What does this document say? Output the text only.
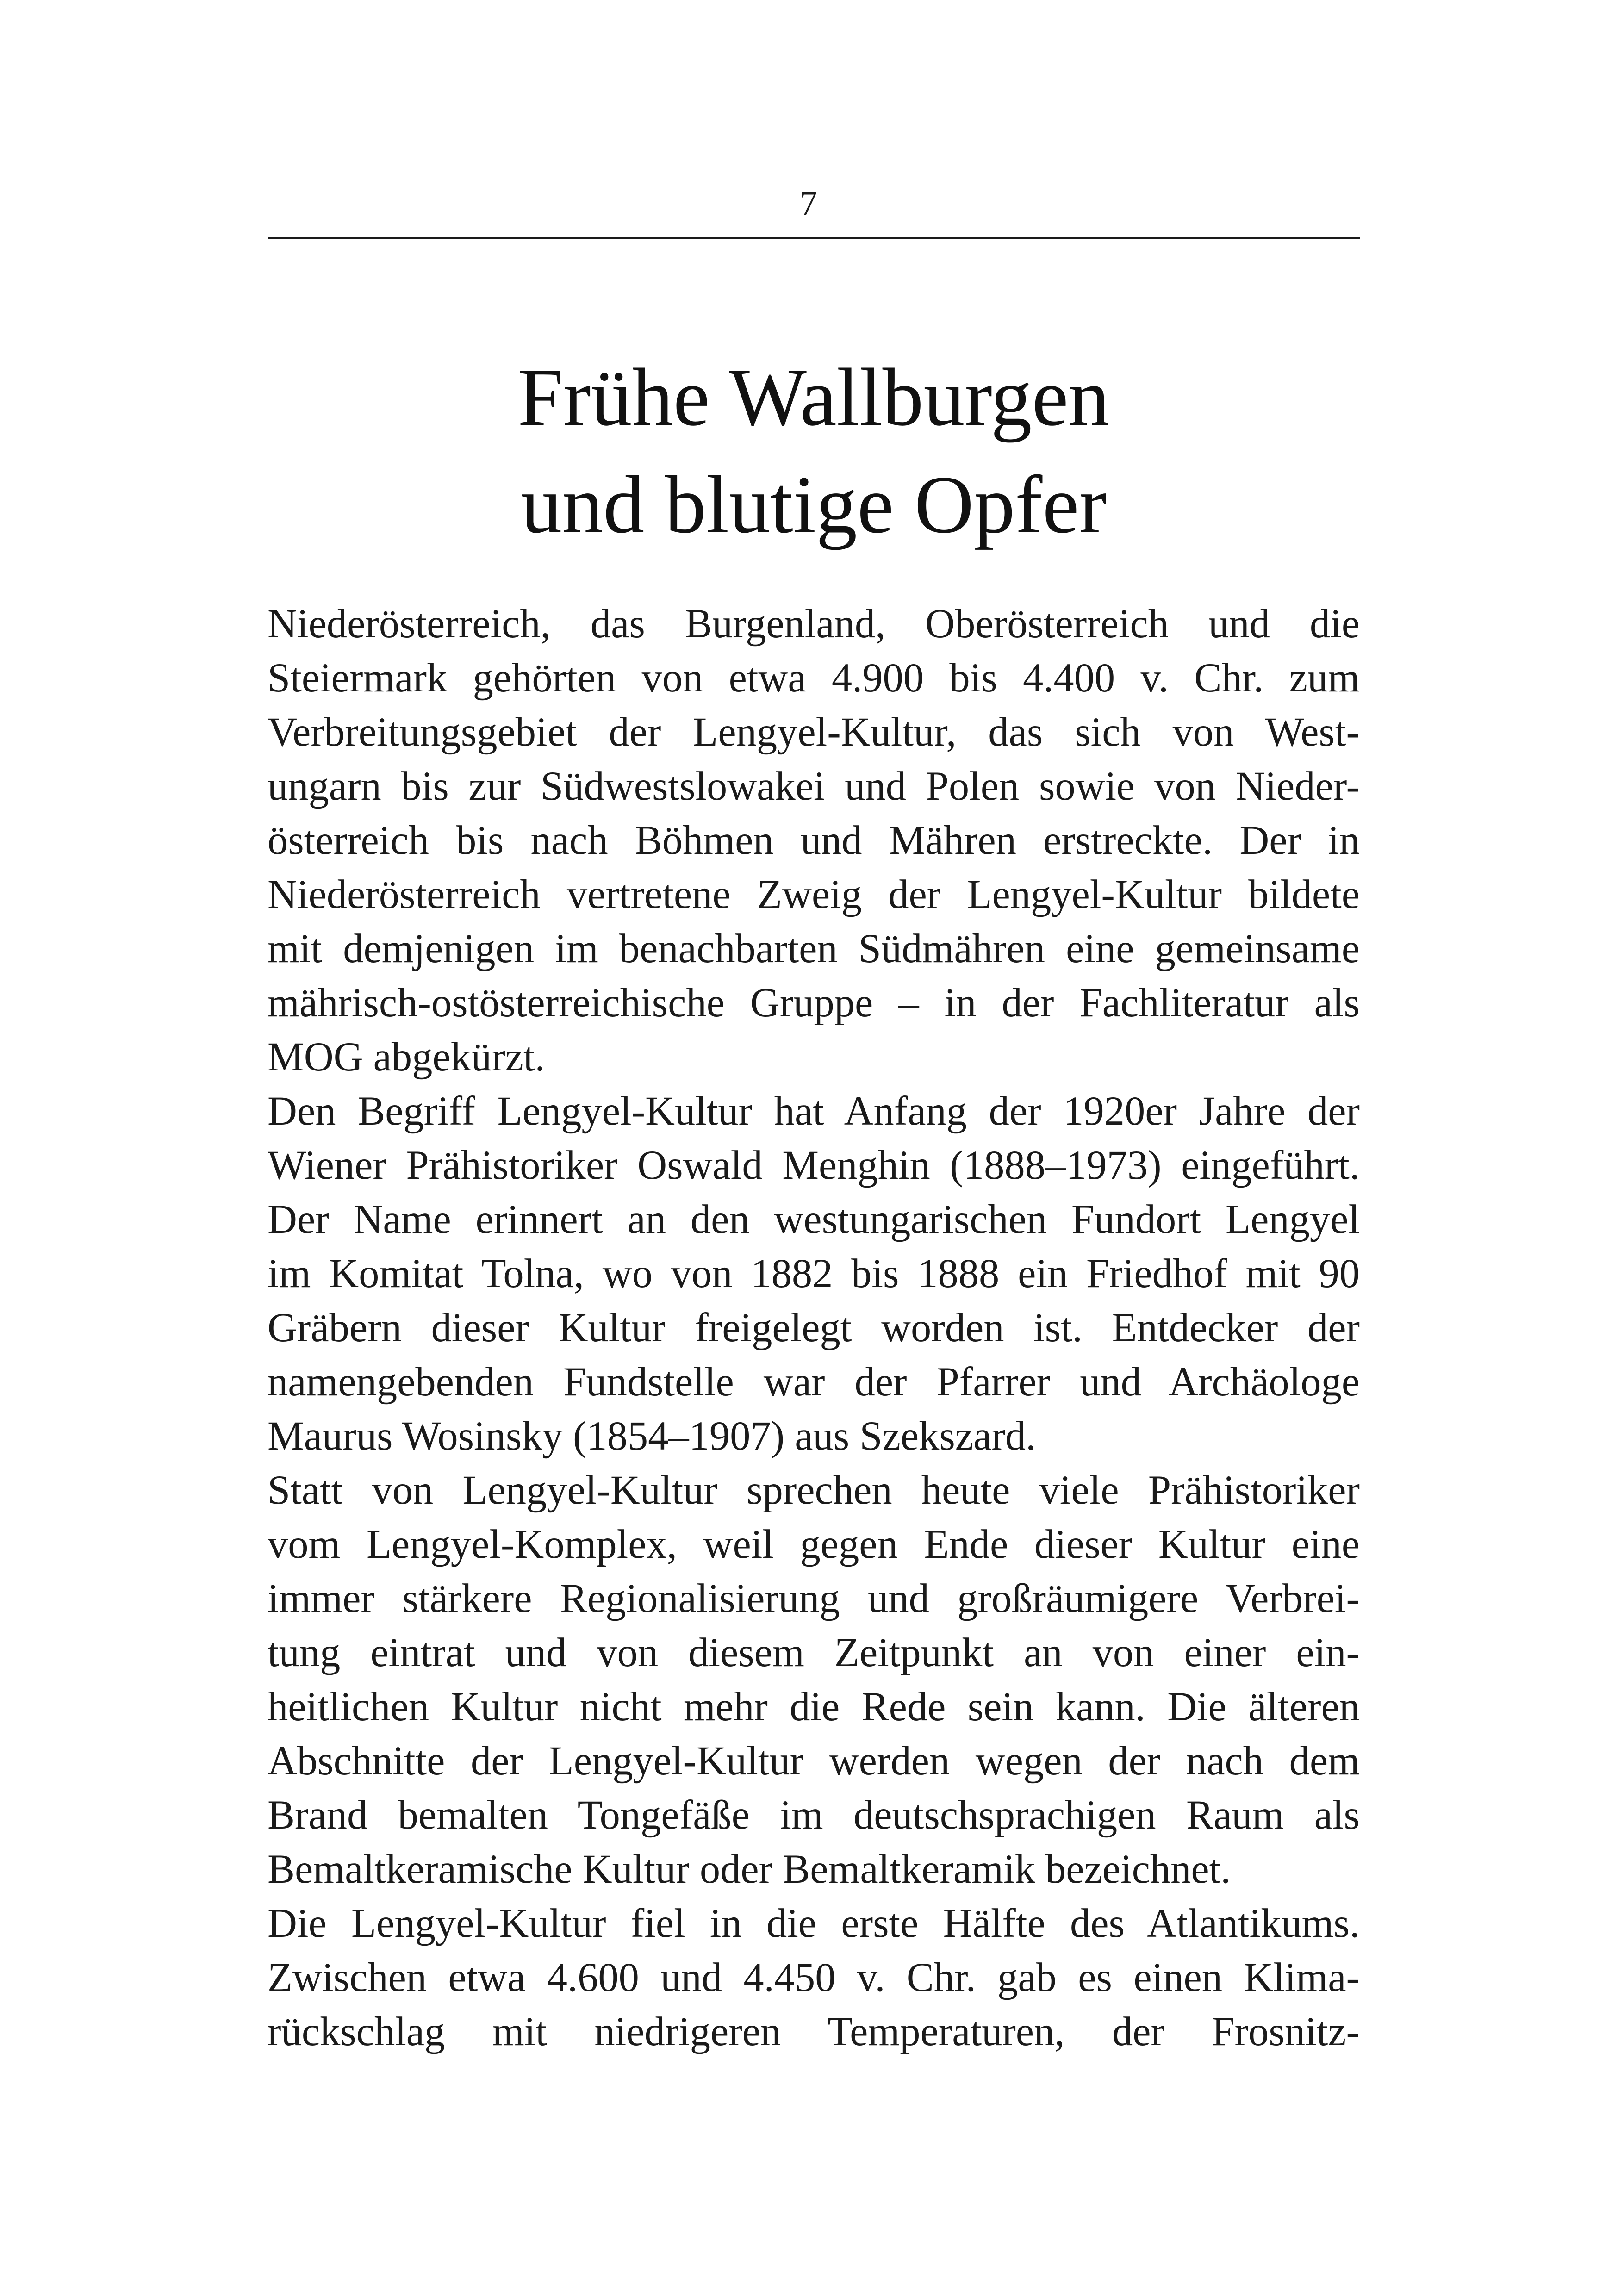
7
Frühe Wallburgen
und blutige Opfer
Niederösterreich, das Burgenland, Oberösterreich und die
Steiermark gehörten von etwa 4.900 bis 4.400 v. Chr. zum
Verbreitungsgebiet der Lengyel-Kultur, das sich von West-
ungarn bis zur Südwestslowakei und Polen sowie von Nieder-
österreich bis nach Böhmen und Mähren erstreckte. Der in
Niederösterreich vertretene Zweig der Lengyel-Kultur bildete
mit demjenigen im benachbarten Südmähren eine gemeinsame
mährisch-ostösterreichische Gruppe – in der Fachliteratur als
MOG abgekürzt.
Den Begriff Lengyel-Kultur hat Anfang der 1920er Jahre der
Wiener Prähistoriker Oswald Menghin (1888–1973) eingeführt.
Der Name erinnert an den westungarischen Fundort Lengyel
im Komitat Tolna, wo von 1882 bis 1888 ein Friedhof mit 90
Gräbern dieser Kultur freigelegt worden ist. Entdecker der
namengebenden Fundstelle war der Pfarrer und Archäologe
Maurus Wosinsky (1854–1907) aus Szekszard.
Statt von Lengyel-Kultur sprechen heute viele Prähistoriker
vom Lengyel-Komplex, weil gegen Ende dieser Kultur eine
immer stärkere Regionalisierung und großräumigere Verbrei-
tung eintrat und von diesem Zeitpunkt an von einer ein-
heitlichen Kultur nicht mehr die Rede sein kann. Die älteren
Abschnitte der Lengyel-Kultur werden wegen der nach dem
Brand bemalten Tongefäße im deutschsprachigen Raum als
Bemaltkeramische Kultur oder Bemaltkeramik bezeichnet.
Die Lengyel-Kultur fiel in die erste Hälfte des Atlantikums.
Zwischen etwa 4.600 und 4.450 v. Chr. gab es einen Klima-
rückschlag mit niedrigeren Temperaturen, der Frosnitz-
